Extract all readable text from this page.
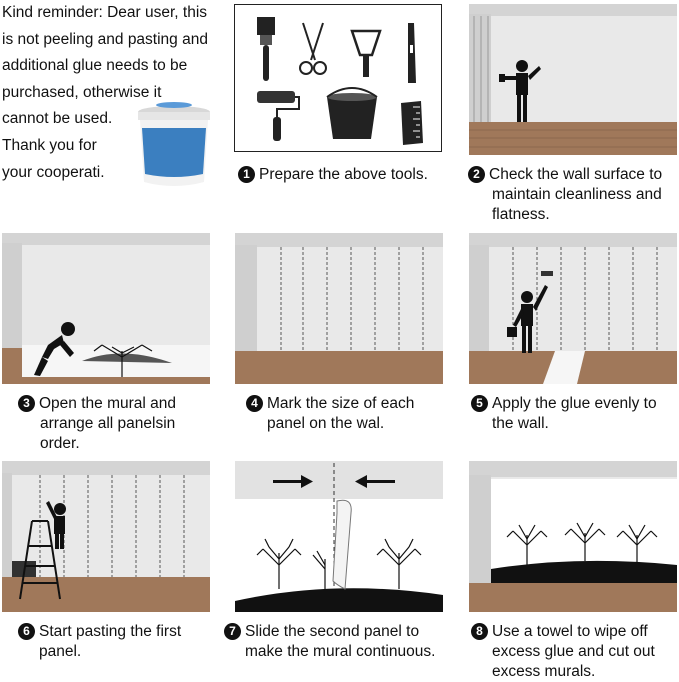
Kind reminder: Dear user, this
is not peeling and pasting and
additional glue needs to be
purchased, otherwise it
cannot be used.
Thank you for
your cooperati.	1 Prepare the above tools.	2 Check the wall surface to
maintain cleanliness and
flatness.
3 Open the mural and
arrange all panelsin
order.
4 Mark the size of each
panel on the wal.
5 Apply the glue evenly to
the wall.
6 Start pasting the first
panel.
7 Slide the second panel to
make the mural continuous.
8 Use a towel to wipe off
excess glue and cut out
excess murals.
